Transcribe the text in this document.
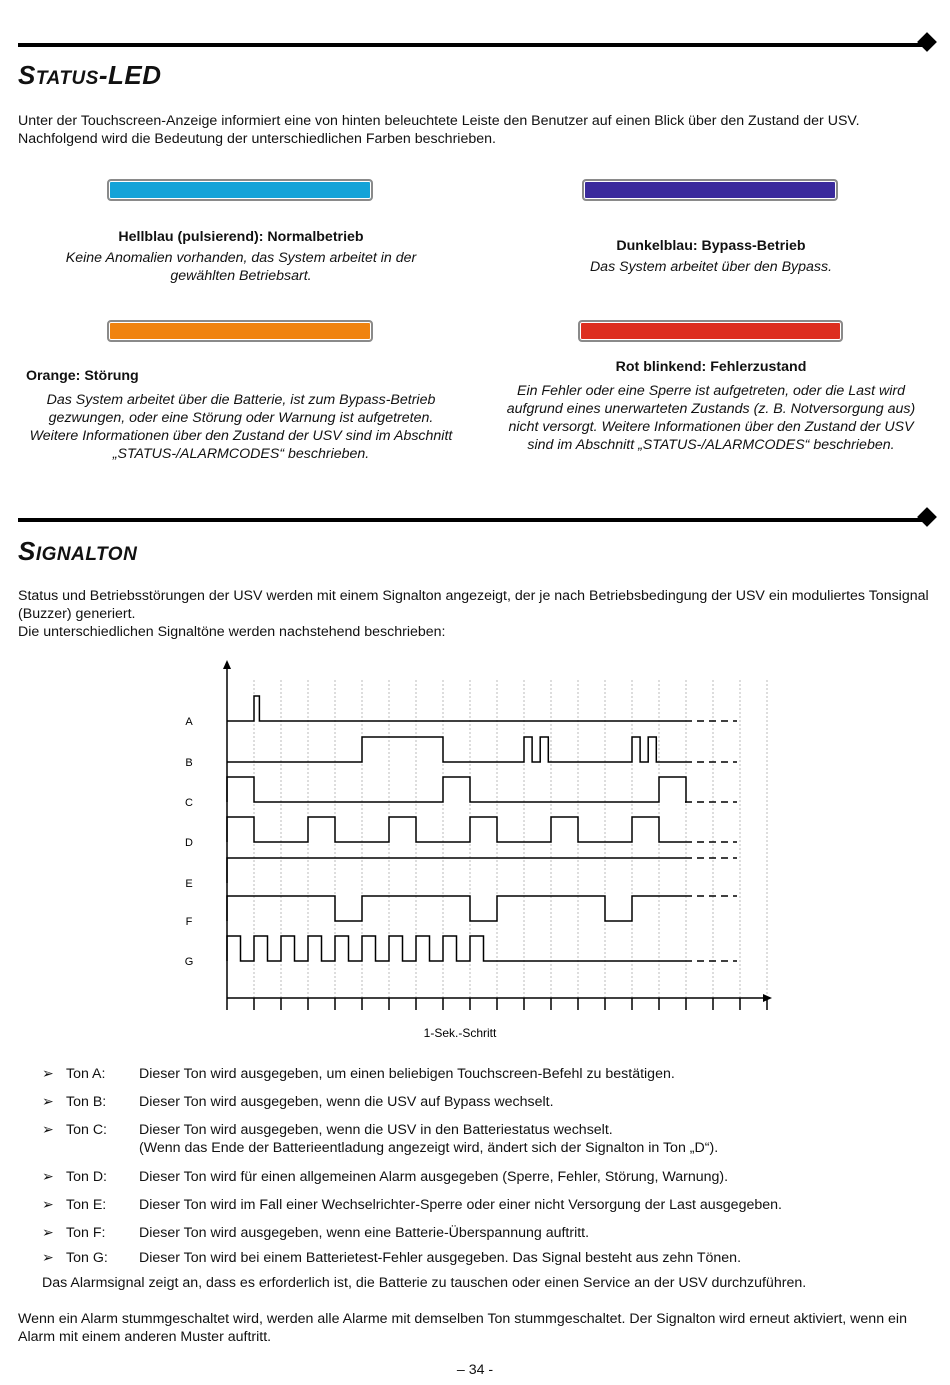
STATUS-LED
Unter der Touchscreen-Anzeige informiert eine von hinten beleuchtete Leiste den Benutzer auf einen Blick über den Zustand der USV. Nachfolgend wird die Bedeutung der unterschiedlichen Farben beschrieben.
Hellblau (pulsierend): Normalbetrieb
Keine Anomalien vorhanden, das System arbeitet in der gewählten Betriebsart.
Dunkelblau: Bypass-Betrieb
Das System arbeitet über den Bypass.
Orange: Störung
Das System arbeitet über die Batterie, ist zum Bypass-Betrieb gezwungen, oder eine Störung oder Warnung ist aufgetreten. Weitere Informationen über den Zustand der USV sind im Abschnitt „STATUS-/ALARMCODES“ beschrieben.
Rot blinkend: Fehlerzustand
Ein Fehler oder eine Sperre ist aufgetreten, oder die Last wird aufgrund eines unerwarteten Zustands (z. B. Notversorgung aus) nicht versorgt. Weitere Informationen über den Zustand der USV sind im Abschnitt „STATUS-/ALARMCODES“ beschrieben.
SIGNALTON
Status und Betriebsstörungen der USV werden mit einem Signalton angezeigt, der je nach Betriebsbedingung der USV ein moduliertes Tonsignal (Buzzer) generiert.
Die unterschiedlichen Signaltöne werden nachstehend beschrieben:
1-Sek.-Schritt
A
B
C
D
E
F
G
➢ Ton A: Dieser Ton wird ausgegeben, um einen beliebigen Touchscreen-Befehl zu bestätigen.
➢ Ton B: Dieser Ton wird ausgegeben, wenn die USV auf Bypass wechselt.
➢ Ton C: Dieser Ton wird ausgegeben, wenn die USV in den Batteriestatus wechselt.
(Wenn das Ende der Batterieentladung angezeigt wird, ändert sich der Signalton in Ton „D“).
➢ Ton D: Dieser Ton wird für einen allgemeinen Alarm ausgegeben (Sperre, Fehler, Störung, Warnung).
➢ Ton E: Dieser Ton wird im Fall einer Wechselrichter-Sperre oder einer nicht Versorgung der Last ausgegeben.
➢ Ton F: Dieser Ton wird ausgegeben, wenn eine Batterie-Überspannung auftritt.
➢ Ton G: Dieser Ton wird bei einem Batterietest-Fehler ausgegeben. Das Signal besteht aus zehn Tönen.
Das Alarmsignal zeigt an, dass es erforderlich ist, die Batterie zu tauschen oder einen Service an der USV durchzuführen.
Wenn ein Alarm stummgeschaltet wird, werden alle Alarme mit demselben Ton stummgeschaltet. Der Signalton wird erneut aktiviert, wenn ein Alarm mit einem anderen Muster auftritt.
– 34 -
